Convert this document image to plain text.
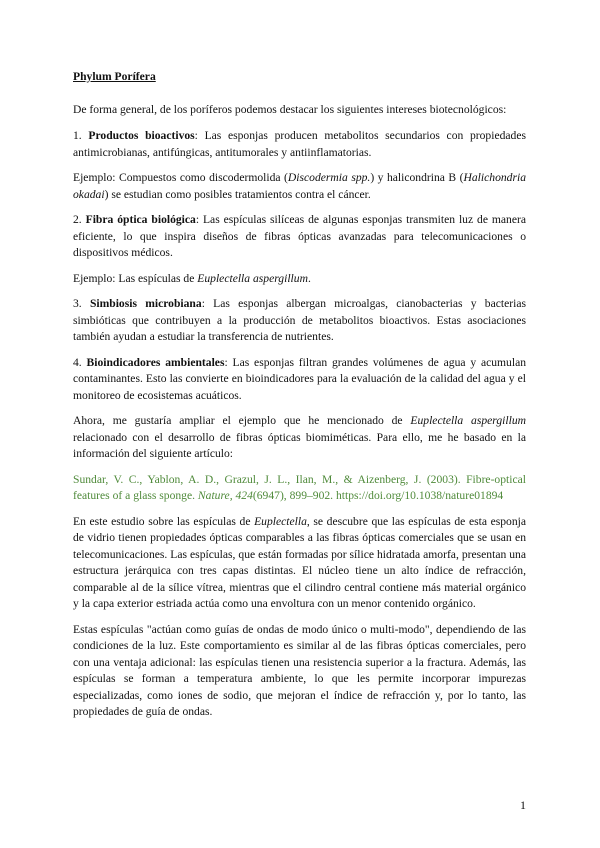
Phylum Porífera

De forma general, de los poríferos podemos destacar los siguientes intereses biotecnológicos:

1. Productos bioactivos: Las esponjas producen metabolitos secundarios con propiedades antimicrobianas, antifúngicas, antitumorales y antiinflamatorias.

Ejemplo: Compuestos como discodermolida (Discodermia spp.) y halicondrina B (Halichondria okadai) se estudian como posibles tratamientos contra el cáncer.

2. Fibra óptica biológica: Las espículas silíceas de algunas esponjas transmiten luz de manera eficiente, lo que inspira diseños de fibras ópticas avanzadas para telecomunicaciones o dispositivos médicos.

Ejemplo: Las espículas de Euplectella aspergillum.

3. Simbiosis microbiana: Las esponjas albergan microalgas, cianobacterias y bacterias simbióticas que contribuyen a la producción de metabolitos bioactivos. Estas asociaciones también ayudan a estudiar la transferencia de nutrientes.

4. Bioindicadores ambientales: Las esponjas filtran grandes volúmenes de agua y acumulan contaminantes. Esto las convierte en bioindicadores para la evaluación de la calidad del agua y el monitoreo de ecosistemas acuáticos.

Ahora, me gustaría ampliar el ejemplo que he mencionado de Euplectella aspergillum relacionado con el desarrollo de fibras ópticas biomiméticas. Para ello, me he basado en la información del siguiente artículo:

Sundar, V. C., Yablon, A. D., Grazul, J. L., Ilan, M., & Aizenberg, J. (2003). Fibre-optical features of a glass sponge. Nature, 424(6947), 899–902. https://doi.org/10.1038/nature01894

En este estudio sobre las espículas de Euplectella, se descubre que las espículas de esta esponja de vidrio tienen propiedades ópticas comparables a las fibras ópticas comerciales que se usan en telecomunicaciones. Las espículas, que están formadas por sílice hidratada amorfa, presentan una estructura jerárquica con tres capas distintas. El núcleo tiene un alto índice de refracción, comparable al de la sílice vítrea, mientras que el cilindro central contiene más material orgánico y la capa exterior estriada actúa como una envoltura con un menor contenido orgánico.

Estas espículas "actúan como guías de ondas de modo único o multi-modo", dependiendo de las condiciones de la luz. Este comportamiento es similar al de las fibras ópticas comerciales, pero con una ventaja adicional: las espículas tienen una resistencia superior a la fractura. Además, las espículas se forman a temperatura ambiente, lo que les permite incorporar impurezas especializadas, como iones de sodio, que mejoran el índice de refracción y, por lo tanto, las propiedades de guía de ondas.

1
